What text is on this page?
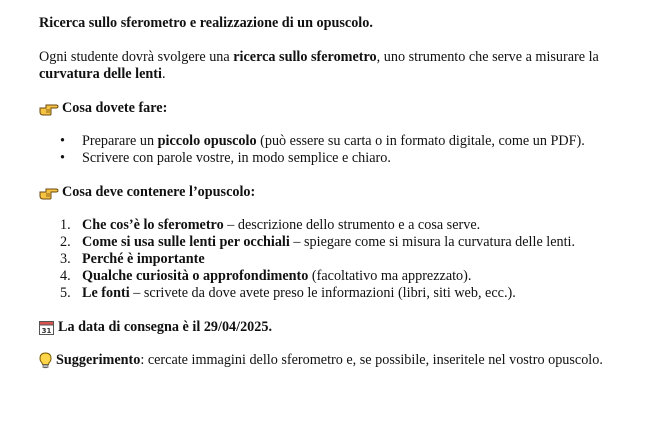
Ricerca sullo sferometro e realizzazione di un opuscolo.

Ogni studente dovrà svolgere una ricerca sullo sferometro, uno strumento che serve a misurare la curvatura delle lenti.

Cosa dovete fare:
• Preparare un piccolo opuscolo (può essere su carta o in formato digitale, come un PDF).
• Scrivere con parole vostre, in modo semplice e chiaro.
Cosa deve contenere l’opuscolo:
1. Che cos’è lo sferometro – descrizione dello strumento e a cosa serve.
2. Come si usa sulle lenti per occhiali – spiegare come si misura la curvatura delle lenti.
3. Perché è importante
4. Qualche curiosità o approfondimento (facoltativo ma apprezzato).
5. Le fonti – scrivete da dove avete preso le informazioni (libri, siti web, ecc.).
31 La data di consegna è il 29/04/2025.
Suggerimento: cercate immagini dello sferometro e, se possibile, inseritele nel vostro opuscolo.
